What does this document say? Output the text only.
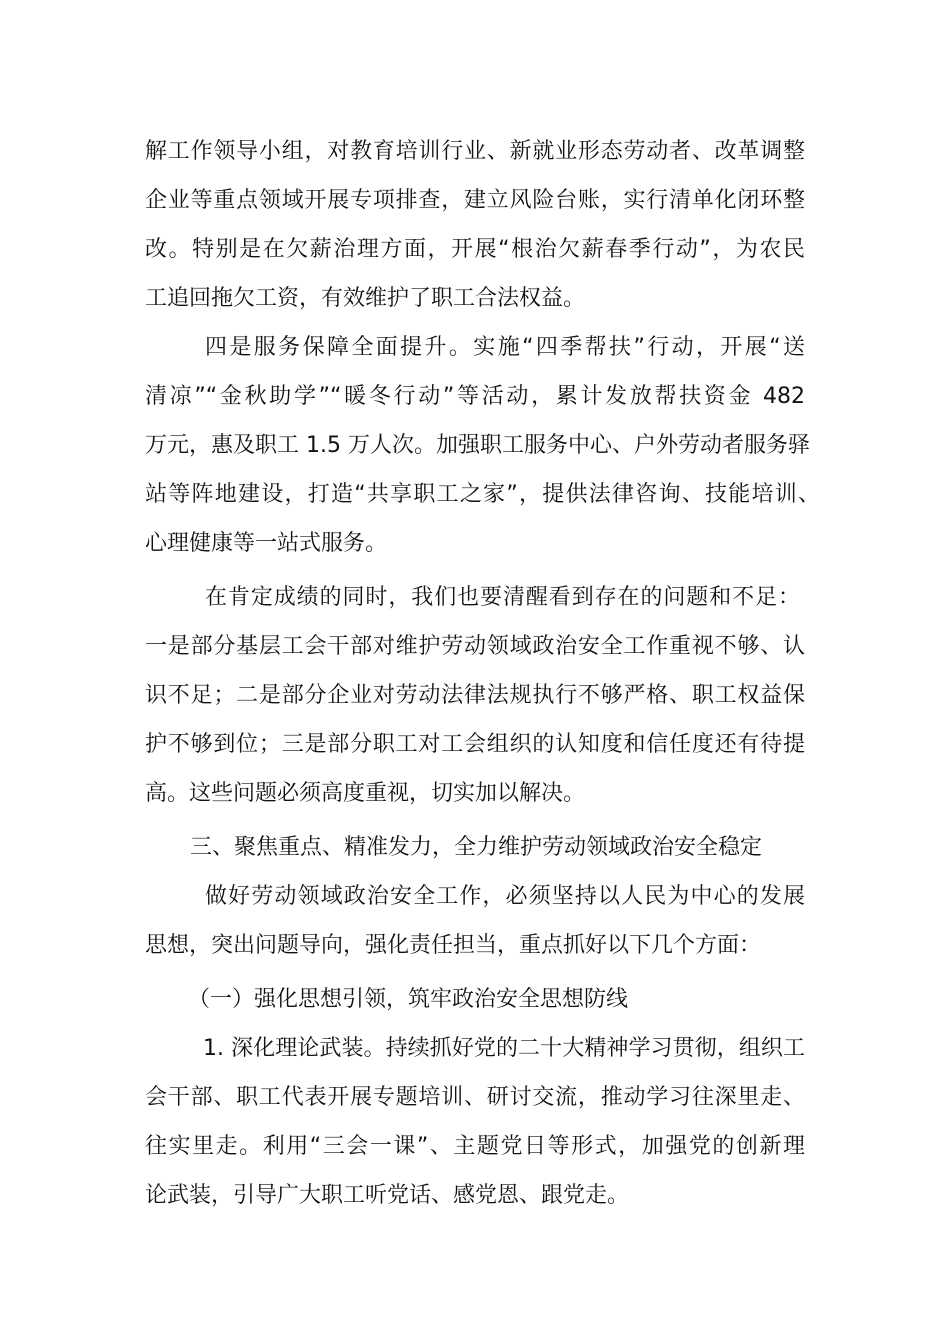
解工作领导小组，对教育培训行业、新就业形态劳动者、改革调整
企业等重点领域开展专项排查，建立风险台账，实行清单化闭环整
改。特别是在欠薪治理方面，开展“根治欠薪春季行动”，为农民
工追回拖欠工资，有效维护了职工合法权益。
四是服务保障全面提升。实施“四季帮扶”行动，开展“送
清凉”“金秋助学”“暖冬行动”等活动，累计发放帮扶资金 482
万元，惠及职工 1.5 万人次。加强职工服务中心、户外劳动者服务驿
站等阵地建设，打造“共享职工之家”，提供法律咨询、技能培训、
心理健康等一站式服务。
在肯定成绩的同时，我们也要清醒看到存在的问题和不足：
一是部分基层工会干部对维护劳动领域政治安全工作重视不够、认
识不足；二是部分企业对劳动法律法规执行不够严格、职工权益保
护不够到位；三是部分职工对工会组织的认知度和信任度还有待提
高。这些问题必须高度重视，切实加以解决。
三、聚焦重点、精准发力，全力维护劳动领域政治安全稳定
做好劳动领域政治安全工作，必须坚持以人民为中心的发展
思想，突出问题导向，强化责任担当，重点抓好以下几个方面：
（一）强化思想引领，筑牢政治安全思想防线
1. 深化理论武装。持续抓好党的二十大精神学习贯彻，组织工
会干部、职工代表开展专题培训、研讨交流，推动学习往深里走、
往实里走。利用“三会一课”、主题党日等形式，加强党的创新理
论武装，引导广大职工听党话、感党恩、跟党走。
